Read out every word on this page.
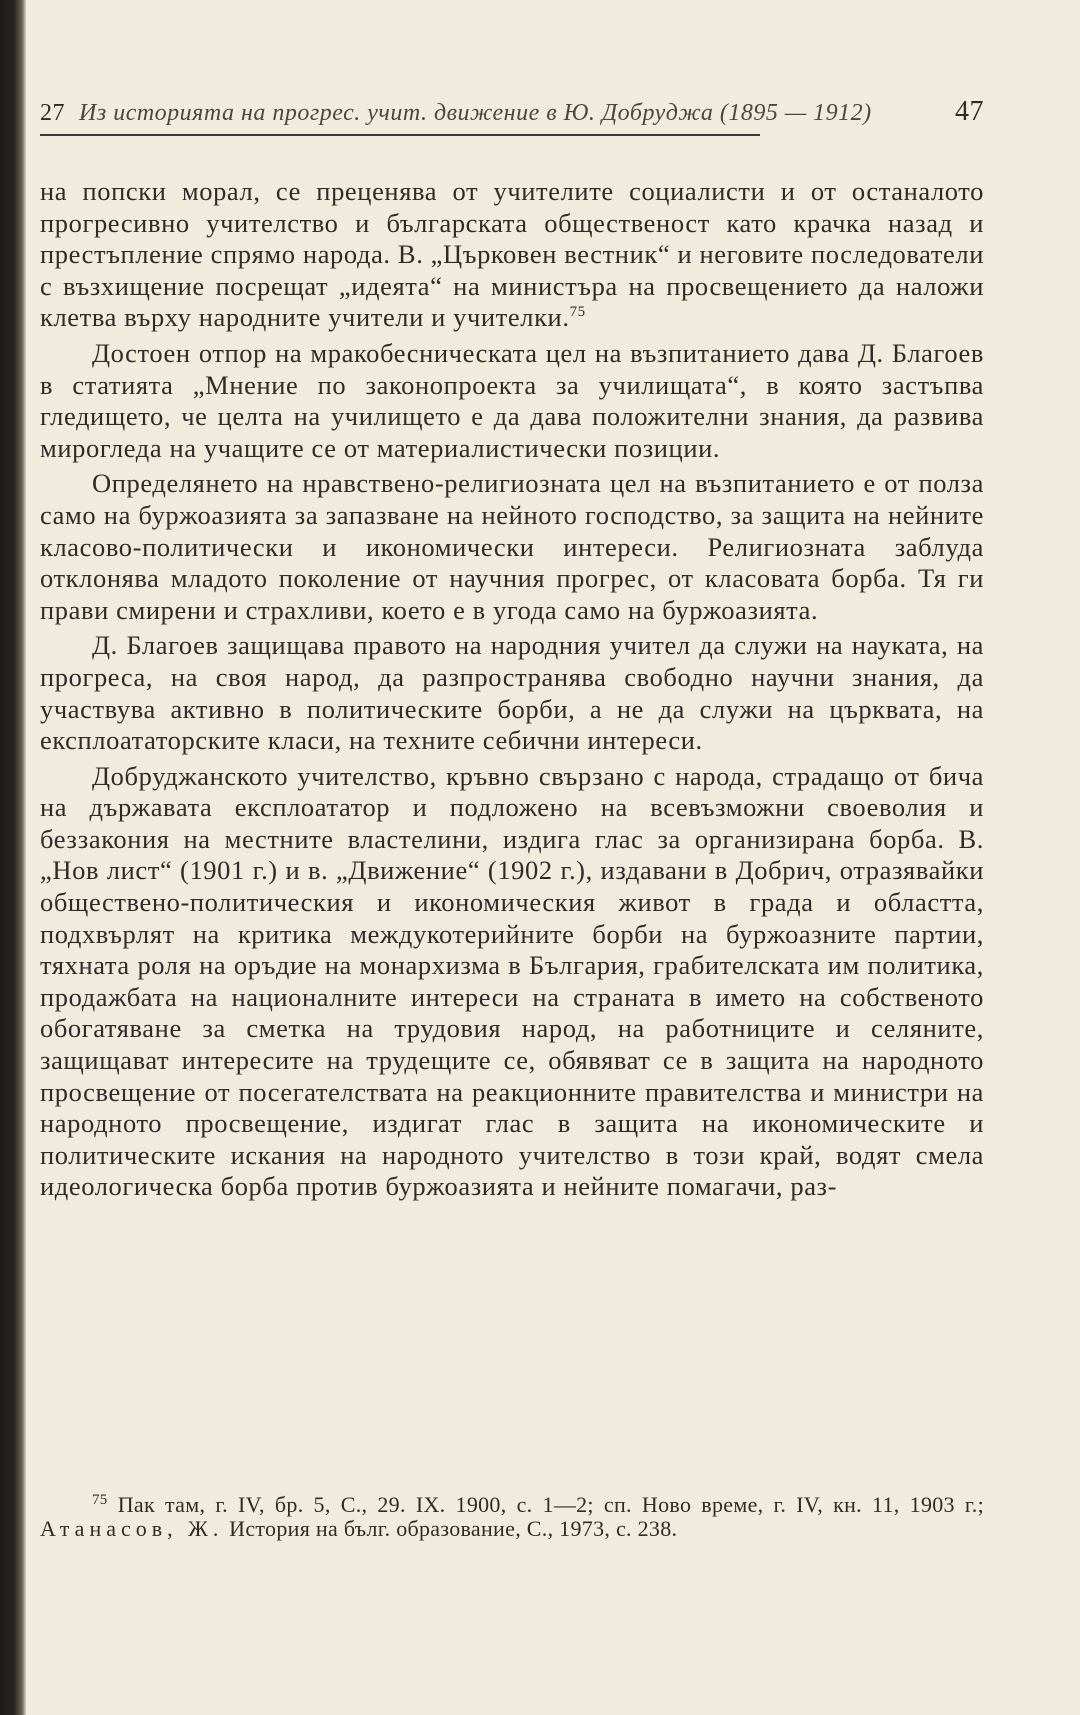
27 Из историята на прогрес. учит. движение в Ю. Добруджа (1895 — 1912)	47

на попски морал, се преценява от учителите социалисти и от останалото прогресивно учителство и българската общественост като крачка назад и престъпление спрямо народа. В. „Църковен вестник“ и неговите последователи с възхищение посрещат „идеята“ на министъра на просвещението да наложи клетва върху народните учители и учителки.$^{75}$

Достоен отпор на мракобесническата цел на възпитанието дава Д. Благоев в статията „Мнение по законопроекта за училищата“, в която застъпва гледището, че целта на училището е да дава положителни знания, да развива мирогледа на учащите се от материалистически позиции.

Определянето на нравствено-религиозната цел на възпитанието е от полза само на буржоазията за запазване на нейното господство, за защита на нейните класово-политически и икономически интереси. Религиозната заблуда отклонява младото поколение от научния прогрес, от класовата борба. Тя ги прави смирени и страхливи, което е в угода само на буржоазията.

Д. Благоев защищава правото на народния учител да служи на науката, на прогреса, на своя народ, да разпространява свободно научни знания, да участвува активно в политическите борби, а не да служи на църквата, на експлоататорските класи, на техните себични интереси.

Добруджанското учителство, кръвно свързано с народа, страдащо от бича на държавата експлоататор и подложено на всевъзможни своеволия и беззакония на местните властелини, издига глас за организирана борба. В. „Нов лист“ (1901 г.) и в. „Движение“ (1902 г.), издавани в Добрич, отразявайки обществено-политическия и икономическия живот в града и областта, подхвърлят на критика междукотерийните борби на буржоазните партии, тяхната роля на оръдие на монархизма в България, грабителската им политика, продажбата на националните интереси на страната в името на собственото обогатяване за сметка на трудовия народ, на работниците и селяните, защищават интересите на трудещите се, обявяват се в защита на народното просвещение от посегателствата на реакционните правителства и министри на народното просвещение, издигат глас в защита на икономическите и политическите искания на народното учителство в този край, водят смела идеологическа борба против буржоазията и нейните помагачи, раз-

$^{75}$ Пак там, г. IV, бр. 5, С., 29. IX. 1900, с. 1—2; сп. Ново време, г. IV, кн. 11, 1903 г.; Атанасов, Ж. История на бълг. образование, С., 1973, с. 238.
